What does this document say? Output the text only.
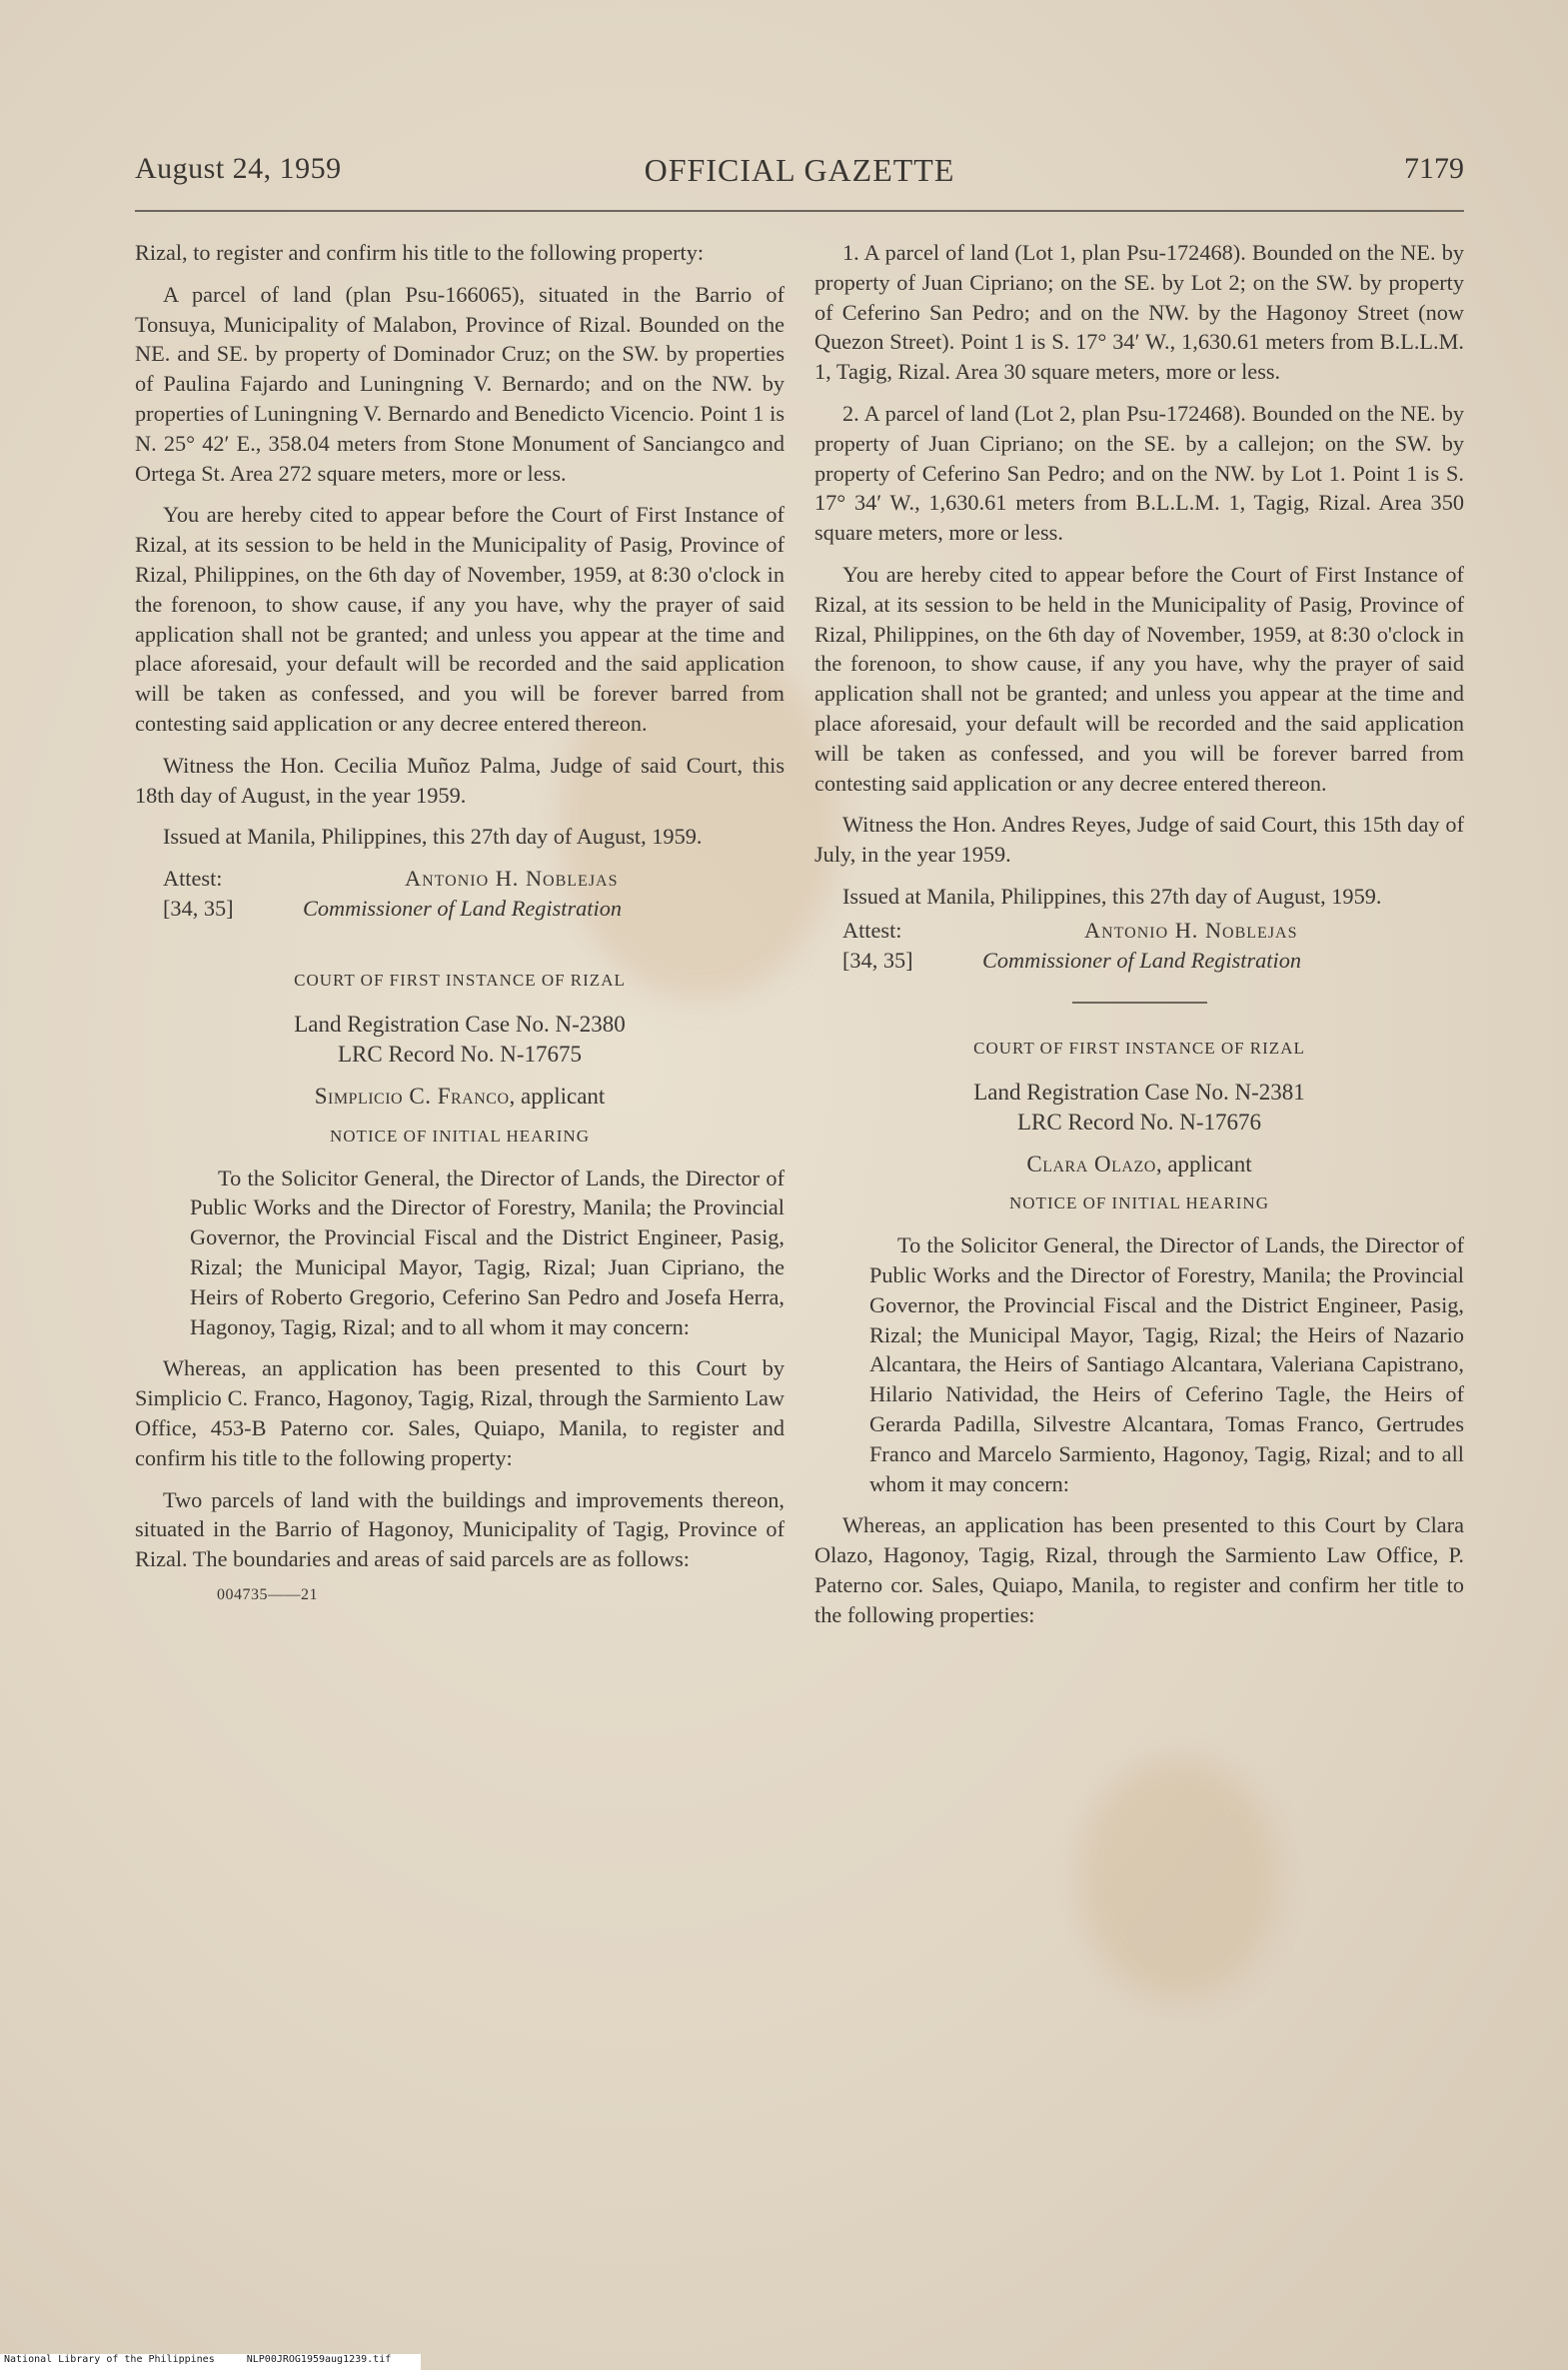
August 24, 1959	OFFICIAL GAZETTE	7179

Rizal, to register and confirm his title to the following property:

A parcel of land (plan Psu-166065), situated in the Barrio of Tonsuya, Municipality of Malabon, Province of Rizal. Bounded on the NE. and SE. by property of Dominador Cruz; on the SW. by properties of Paulina Fajardo and Luningning V. Bernardo; and on the NW. by properties of Luningning V. Bernardo and Benedicto Vicencio. Point 1 is N. 25° 42′ E., 358.04 meters from Stone Monument of Sanciangco and Ortega St. Area 272 square meters, more or less.

You are hereby cited to appear before the Court of First Instance of Rizal, at its session to be held in the Municipality of Pasig, Province of Rizal, Philippines, on the 6th day of November, 1959, at 8:30 o'clock in the forenoon, to show cause, if any you have, why the prayer of said application shall not be granted; and unless you appear at the time and place aforesaid, your default will be recorded and the said application will be taken as confessed, and you will be forever barred from contesting said application or any decree entered thereon.

Witness the Hon. Cecilia Muñoz Palma, Judge of said Court, this 18th day of August, in the year 1959.

Issued at Manila, Philippines, this 27th day of August, 1959.

Attest:	Antonio H. Noblejas
[34, 35]	Commissioner of Land Registration
COURT OF FIRST INSTANCE OF RIZAL
Land Registration Case No. N-2380
LRC Record No. N-17675
Simplicio C. Franco, applicant
NOTICE OF INITIAL HEARING

To the Solicitor General, the Director of Lands, the Director of Public Works and the Director of Forestry, Manila; the Provincial Governor, the Provincial Fiscal and the District Engineer, Pasig, Rizal; the Municipal Mayor, Tagig, Rizal; Juan Cipriano, the Heirs of Roberto Gregorio, Ceferino San Pedro and Josefa Herra, Hagonoy, Tagig, Rizal; and to all whom it may concern:

Whereas, an application has been presented to this Court by Simplicio C. Franco, Hagonoy, Tagig, Rizal, through the Sarmiento Law Office, 453-B Paterno cor. Sales, Quiapo, Manila, to register and confirm his title to the following property:

Two parcels of land with the buildings and improvements thereon, situated in the Barrio of Hagonoy, Municipality of Tagig, Province of Rizal. The boundaries and areas of said parcels are as follows:

004735——21

1. A parcel of land (Lot 1, plan Psu-172468). Bounded on the NE. by property of Juan Cipriano; on the SE. by Lot 2; on the SW. by property of Ceferino San Pedro; and on the NW. by the Hagonoy Street (now Quezon Street). Point 1 is S. 17° 34′ W., 1,630.61 meters from B.L.L.M. 1, Tagig, Rizal. Area 30 square meters, more or less.

2. A parcel of land (Lot 2, plan Psu-172468). Bounded on the NE. by property of Juan Cipriano; on the SE. by a callejon; on the SW. by property of Ceferino San Pedro; and on the NW. by Lot 1. Point 1 is S. 17° 34′ W., 1,630.61 meters from B.L.L.M. 1, Tagig, Rizal. Area 350 square meters, more or less.

You are hereby cited to appear before the Court of First Instance of Rizal, at its session to be held in the Municipality of Pasig, Province of Rizal, Philippines, on the 6th day of November, 1959, at 8:30 o'clock in the forenoon, to show cause, if any you have, why the prayer of said application shall not be granted; and unless you appear at the time and place aforesaid, your default will be recorded and the said application will be taken as confessed, and you will be forever barred from contesting said application or any decree entered thereon.

Witness the Hon. Andres Reyes, Judge of said Court, this 15th day of July, in the year 1959.

Issued at Manila, Philippines, this 27th day of August, 1959.

Attest:	Antonio H. Noblejas
[34, 35]	Commissioner of Land Registration
COURT OF FIRST INSTANCE OF RIZAL
Land Registration Case No. N-2381
LRC Record No. N-17676
Clara Olazo, applicant
NOTICE OF INITIAL HEARING

To the Solicitor General, the Director of Lands, the Director of Public Works and the Director of Forestry, Manila; the Provincial Governor, the Provincial Fiscal and the District Engineer, Pasig, Rizal; the Municipal Mayor, Tagig, Rizal; the Heirs of Nazario Alcantara, the Heirs of Santiago Alcantara, Valeriana Capistrano, Hilario Natividad, the Heirs of Ceferino Tagle, the Heirs of Gerarda Padilla, Silvestre Alcantara, Tomas Franco, Gertrudes Franco and Marcelo Sarmiento, Hagonoy, Tagig, Rizal; and to all whom it may concern:

Whereas, an application has been presented to this Court by Clara Olazo, Hagonoy, Tagig, Rizal, through the Sarmiento Law Office, P. Paterno cor. Sales, Quiapo, Manila, to register and confirm her title to the following properties:

National Library of the Philippines	NLP00JROG1959aug1239.tif
